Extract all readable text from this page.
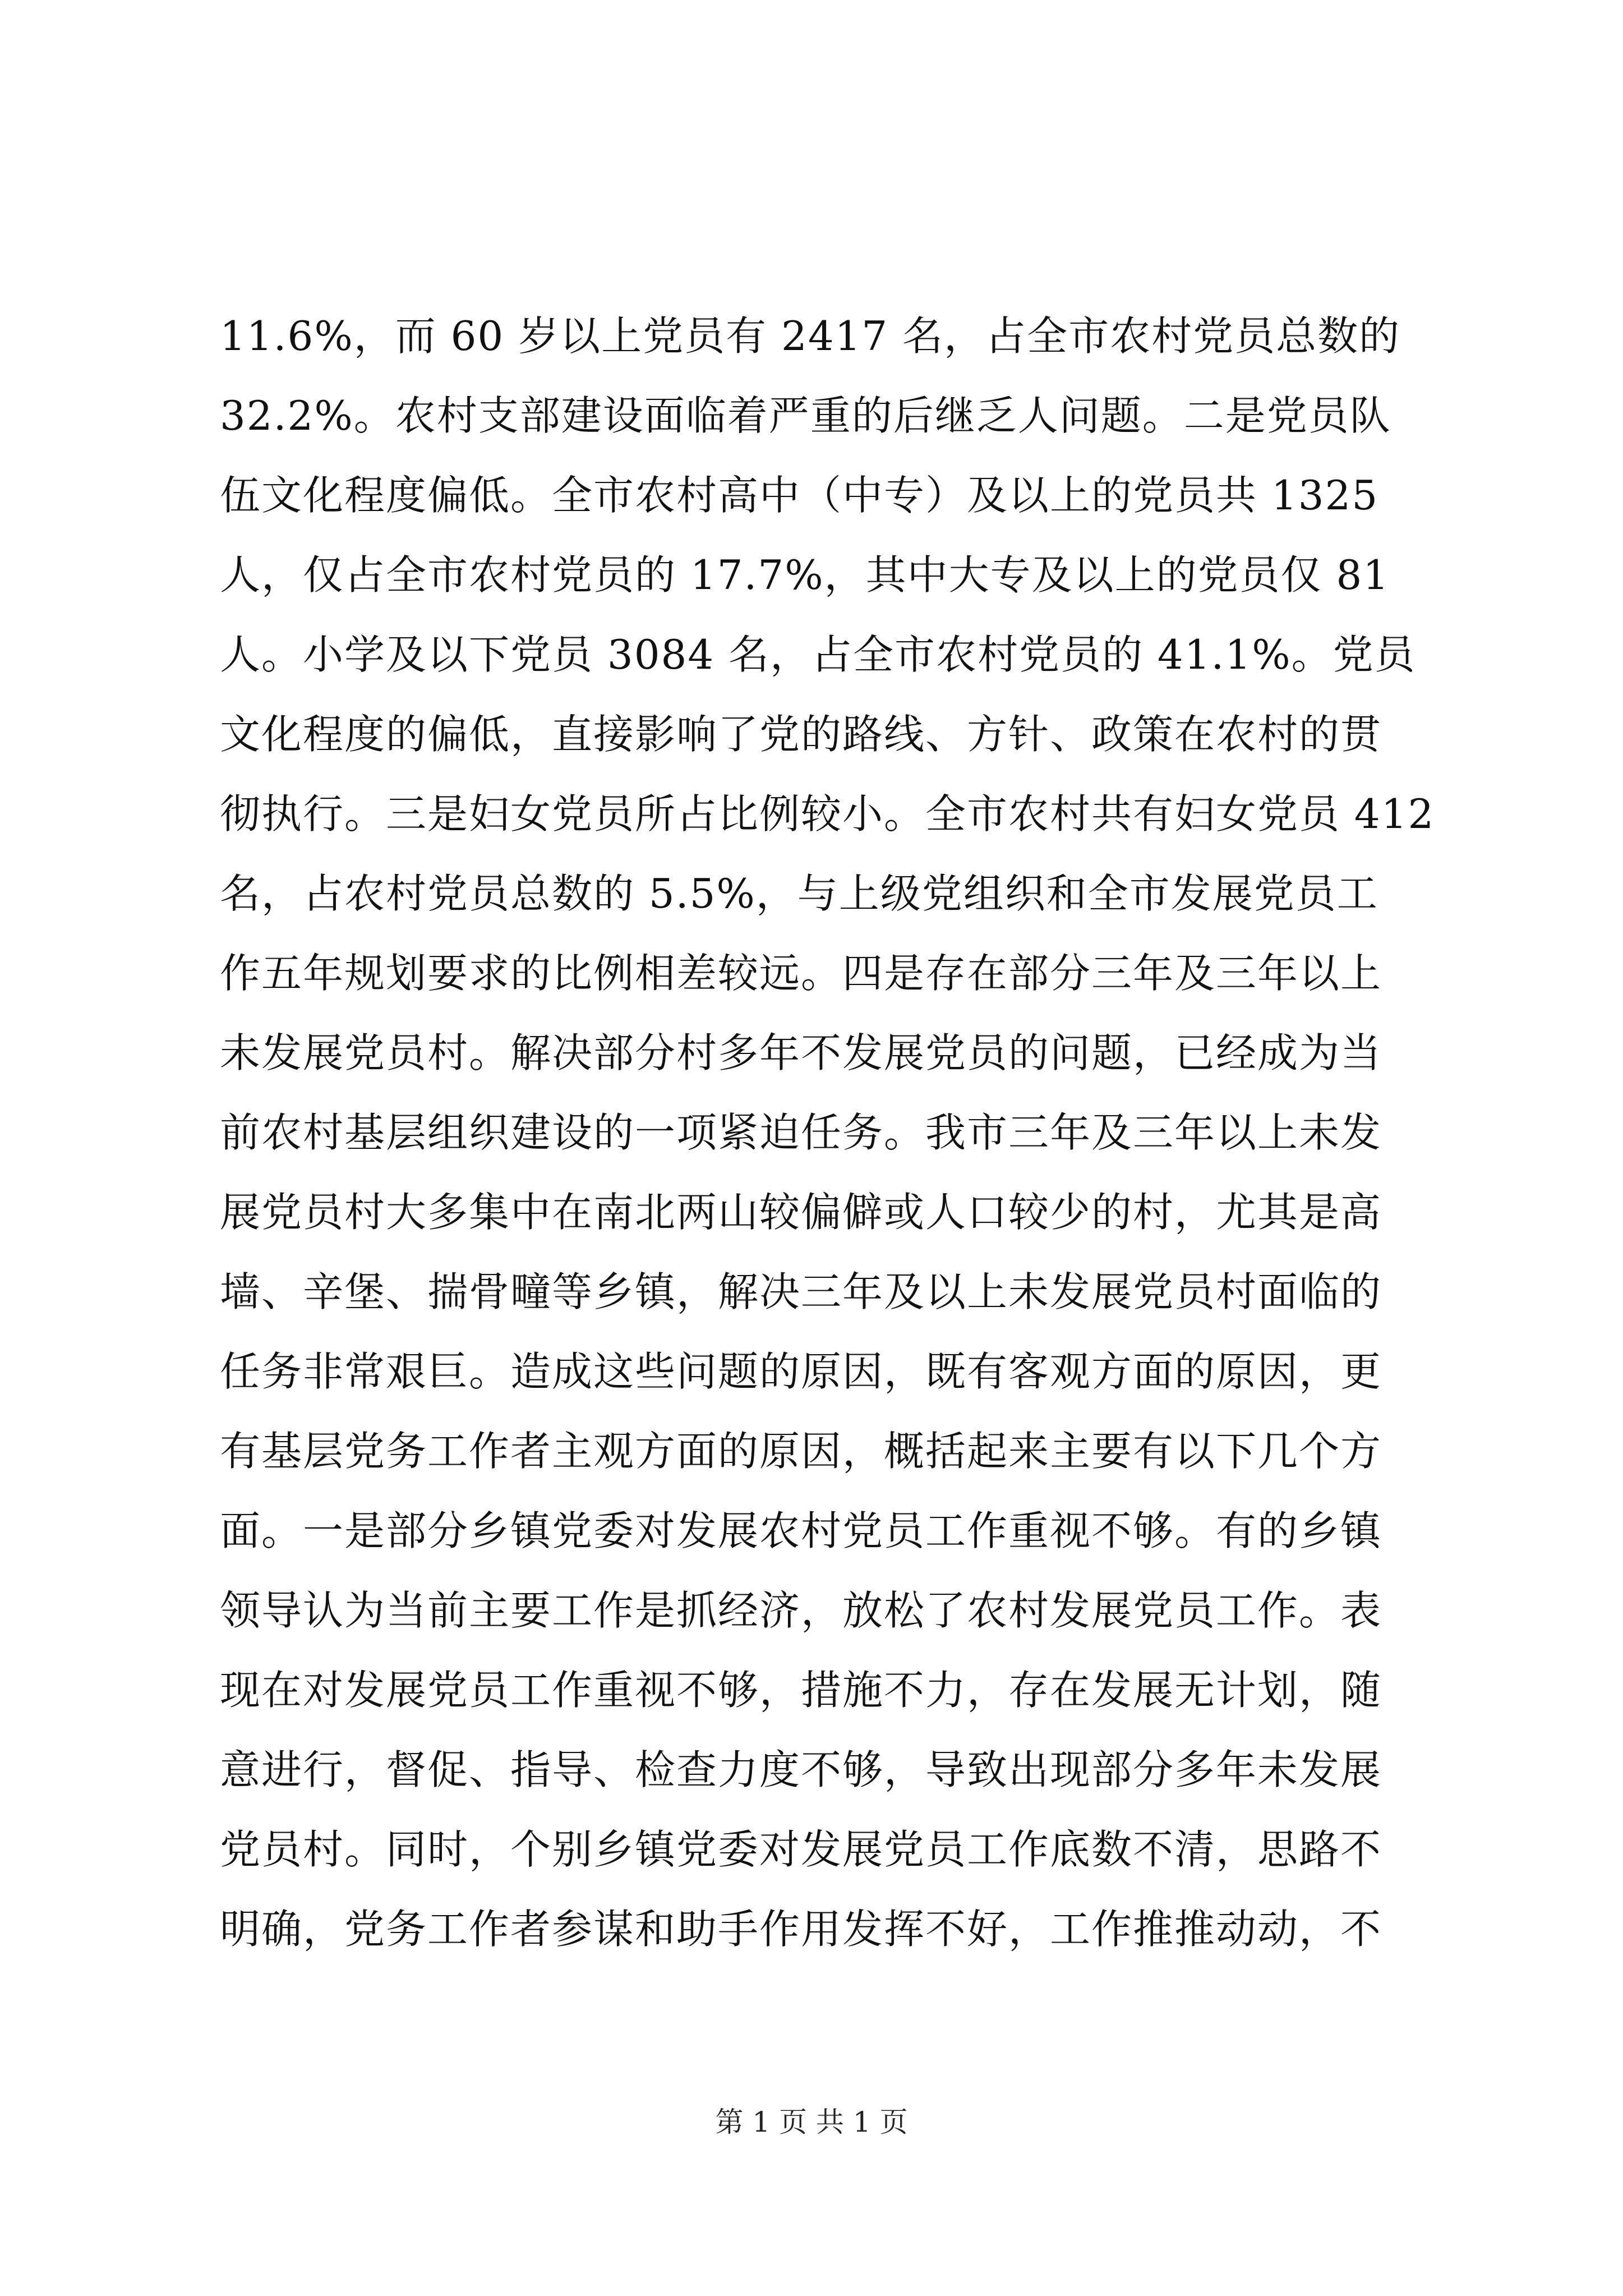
11.6%，而 60 岁以上党员有 2417 名，占全市农村党员总数的
32.2%。农村支部建设面临着严重的后继乏人问题。二是党员队
伍文化程度偏低。全市农村高中（中专）及以上的党员共 1325
人，仅占全市农村党员的 17.7%，其中大专及以上的党员仅 81
人。小学及以下党员 3084 名，占全市农村党员的 41.1%。党员
文化程度的偏低，直接影响了党的路线、方针、政策在农村的贯
彻执行。三是妇女党员所占比例较小。全市农村共有妇女党员 412
名，占农村党员总数的 5.5%，与上级党组织和全市发展党员工
作五年规划要求的比例相差较远。四是存在部分三年及三年以上
未发展党员村。解决部分村多年不发展党员的问题，已经成为当
前农村基层组织建设的一项紧迫任务。我市三年及三年以上未发
展党员村大多集中在南北两山较偏僻或人口较少的村，尤其是高
墙、辛堡、揣骨疃等乡镇，解决三年及以上未发展党员村面临的
任务非常艰巨。造成这些问题的原因，既有客观方面的原因，更
有基层党务工作者主观方面的原因，概括起来主要有以下几个方
面。一是部分乡镇党委对发展农村党员工作重视不够。有的乡镇
领导认为当前主要工作是抓经济，放松了农村发展党员工作。表
现在对发展党员工作重视不够，措施不力，存在发展无计划，随
意进行，督促、指导、检查力度不够，导致出现部分多年未发展
党员村。同时，个别乡镇党委对发展党员工作底数不清，思路不
明确，党务工作者参谋和助手作用发挥不好，工作推推动动，不
第 1 页 共 1 页
